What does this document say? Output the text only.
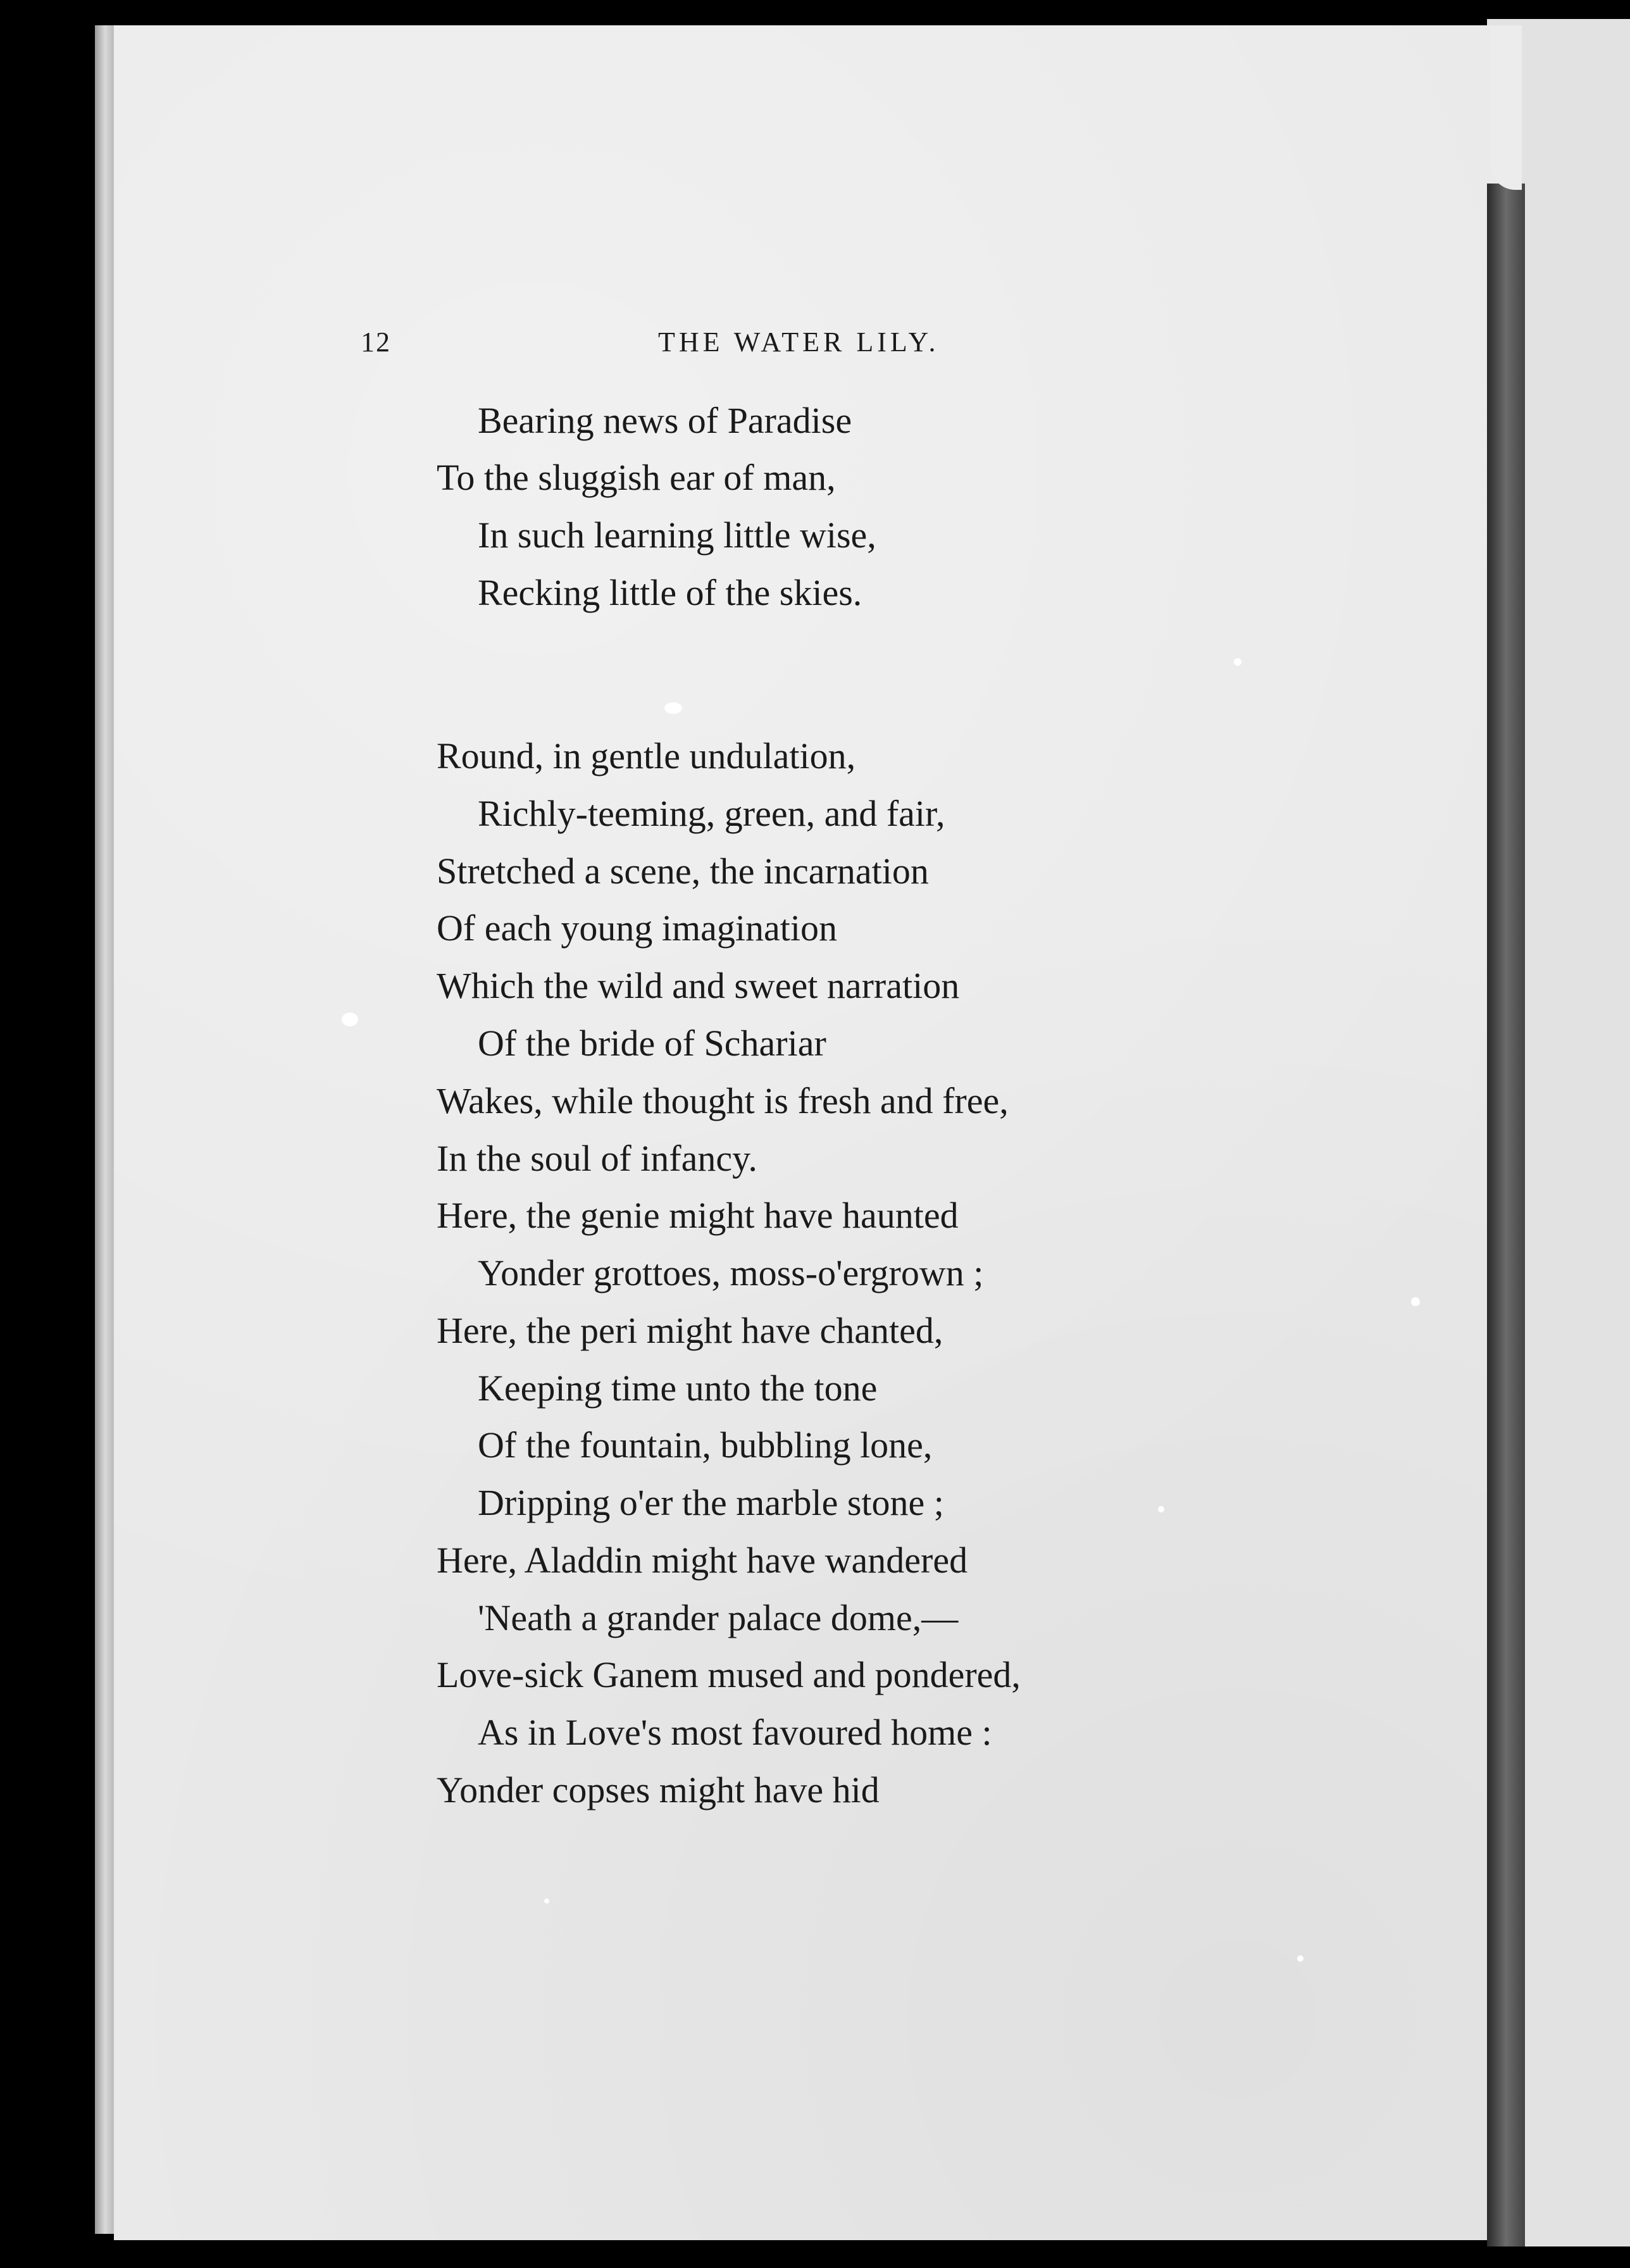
12	THE WATER LILY.
Bearing news of Paradise
To the sluggish ear of man,
In such learning little wise,
Recking little of the skies.
Round, in gentle undulation,
Richly-teeming, green, and fair,
Stretched a scene, the incarnation
Of each young imagination
Which the wild and sweet narration
Of the bride of Schariar
Wakes, while thought is fresh and free,
In the soul of infancy.
Here, the genie might have haunted
Yonder grottoes, moss-o'ergrown ;
Here, the peri might have chanted,
Keeping time unto the tone
Of the fountain, bubbling lone,
Dripping o'er the marble stone ;
Here, Aladdin might have wandered
'Neath a grander palace dome,—
Love-sick Ganem mused and pondered,
As in Love's most favoured home :
Yonder copses might have hid
